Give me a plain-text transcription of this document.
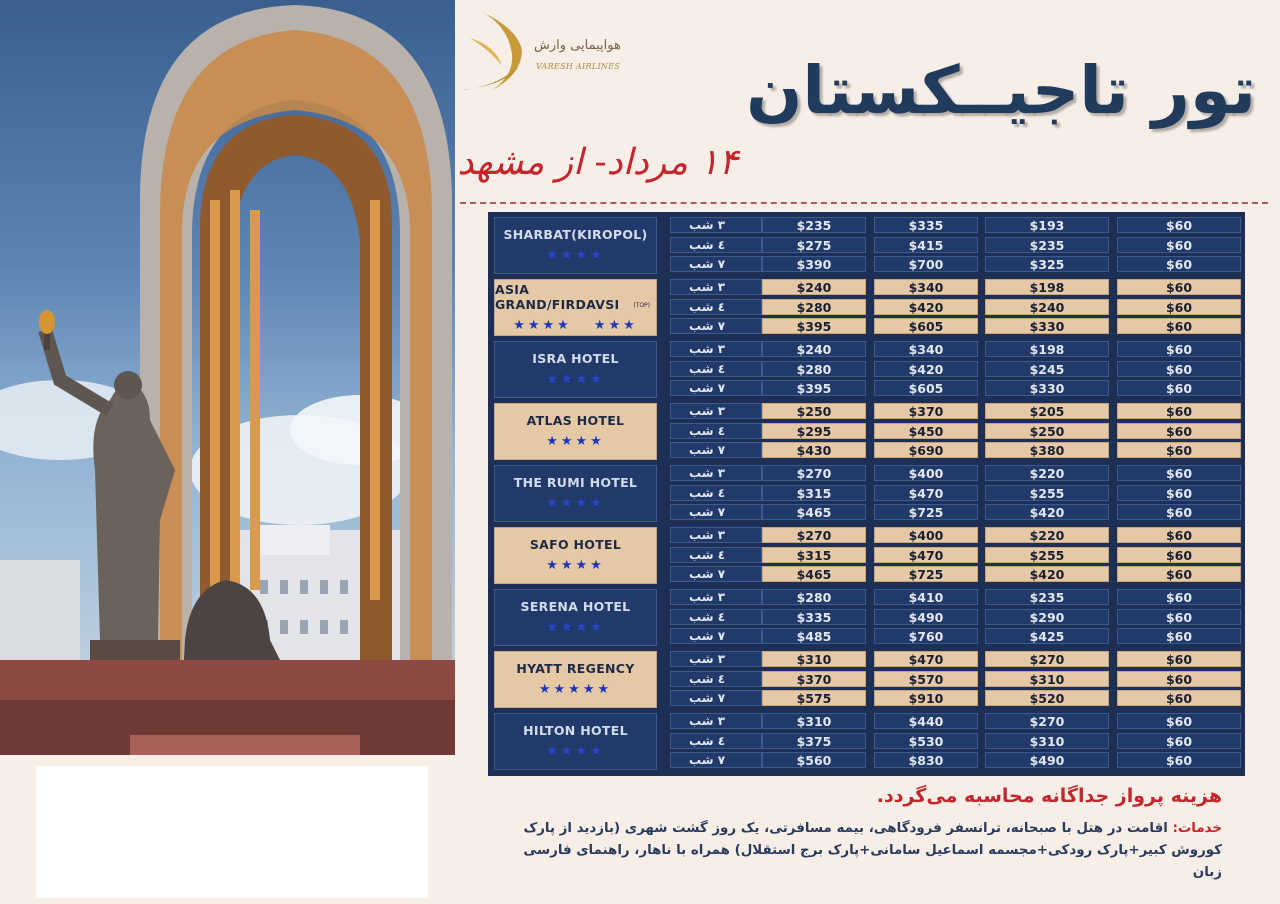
هواپیمایی وارش
VARESH AIRLINES تور تاجیــکستان
۱۴ مرداد- از مشهد
SHARBAT(KIROPOL)
★★★★
۳ شب	$235	$335	$193	$60
٤ شب	$275	$415	$235	$60
۷ شب	$390	$700	$325	$60
ASIA GRAND/FIRDAVSI
★★★★ ★★★
(TOP)
۳ شب	$240	$340	$198	$60
٤ شب	$280	$420	$240	$60
۷ شب	$395	$605	$330	$60
ISRA HOTEL
★★★★
۳ شب	$240	$340	$198	$60
٤ شب	$280	$420	$245	$60
۷ شب	$395	$605	$330	$60
ATLAS HOTEL
★★★★
۳ شب	$250	$370	$205	$60
٤ شب	$295	$450	$250	$60
۷ شب	$430	$690	$380	$60
THE RUMI HOTEL
★★★★
۳ شب	$270	$400	$220	$60
٤ شب	$315	$470	$255	$60
۷ شب	$465	$725	$420	$60
SAFO HOTEL
★★★★
۳ شب	$270	$400	$220	$60
٤ شب	$315	$470	$255	$60
۷ شب	$465	$725	$420	$60
SERENA HOTEL
★★★★
۳ شب	$280	$410	$235	$60
٤ شب	$335	$490	$290	$60
۷ شب	$485	$760	$425	$60
HYATT REGENCY
★★★★★
۳ شب	$310	$470	$270	$60
٤ شب	$370	$570	$310	$60
۷ شب	$575	$910	$520	$60
HILTON HOTEL
★★★★
۳ شب	$310	$440	$270	$60
٤ شب	$375	$530	$310	$60
۷ شب	$560	$830	$490	$60
هزینه پرواز جداگانه محاسبه می‌گردد.
خدمات: اقامت در هتل با صبحانه، ترانسفر فرودگاهی، بیمه مسافرتی، یک روز گشت شهری (بازدید از پارک کوروش کبیر+پارک رودکی+مجسمه اسماعیل سامانی+پارک برج استقلال) همراه با ناهار، راهنمای فارسی زبان
